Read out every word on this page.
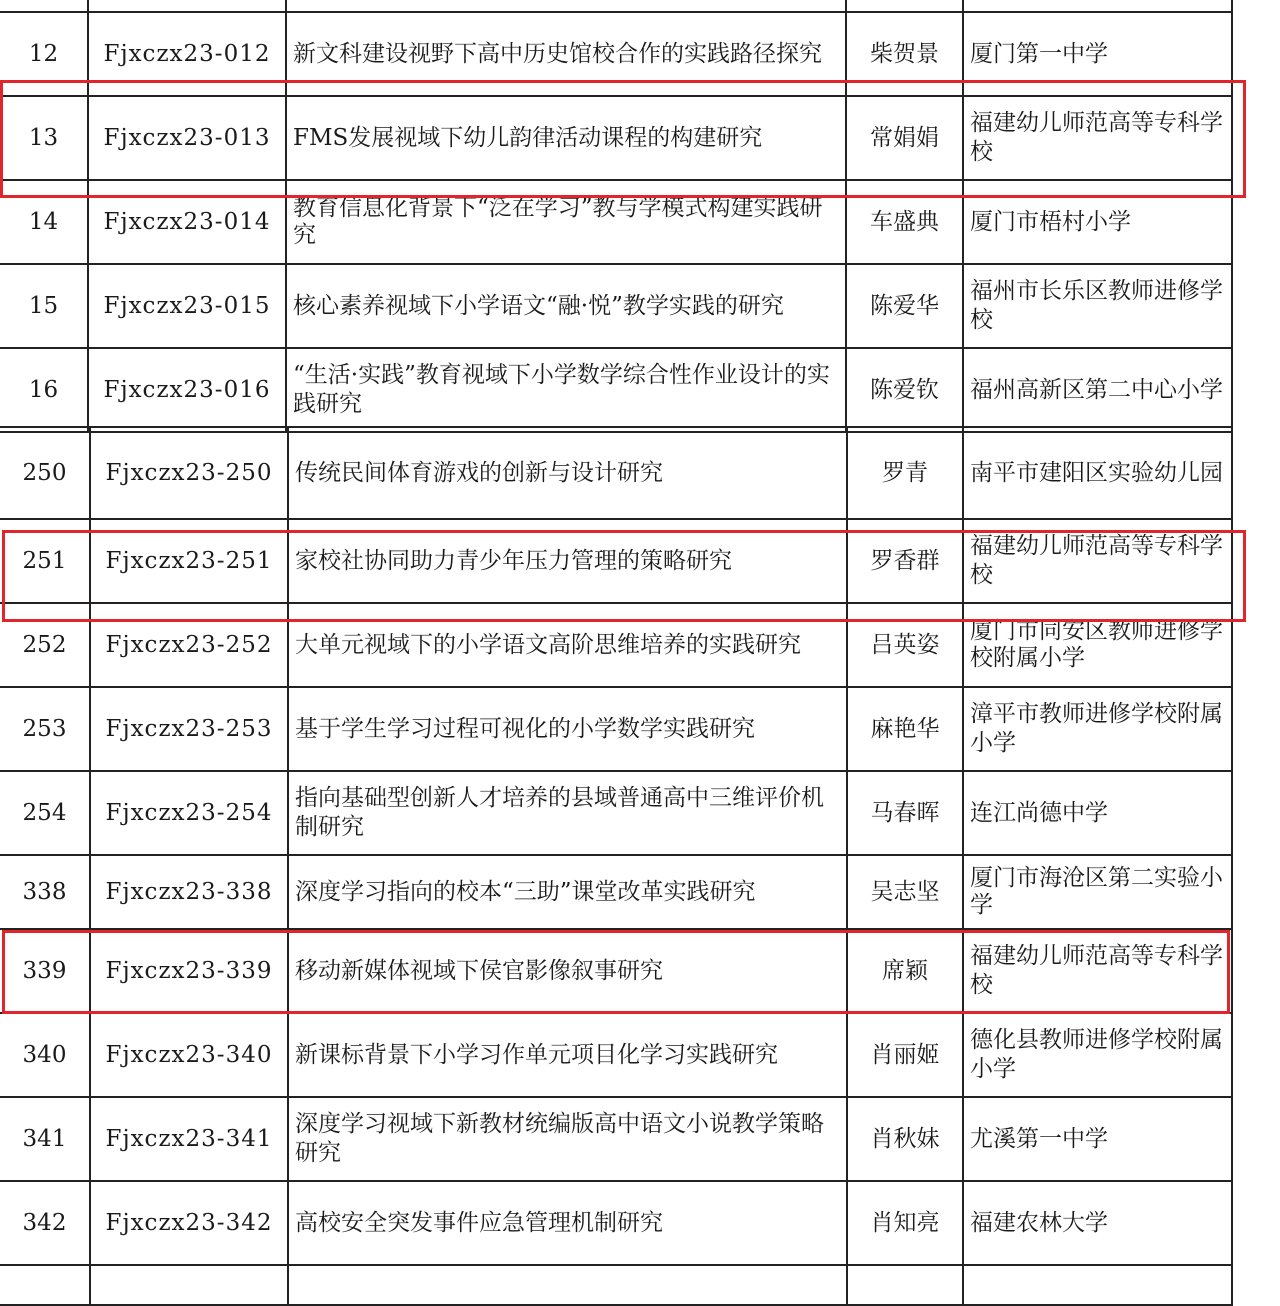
12	Fjxczx23-012	新文科建设视野下高中历史馆校合作的实践路径探究	柴贺景	厦门第一中学
13	Fjxczx23-013	FMS发展视域下幼儿韵律活动课程的构建研究	常娟娟	福建幼儿师范高等专科学校
14	Fjxczx23-014	教育信息化背景下“泛在学习”教与学模式构建实践研究	车盛典	厦门市梧村小学
15	Fjxczx23-015	核心素养视域下小学语文“融·悦”教学实践的研究	陈爱华	福州市长乐区教师进修学校
16	Fjxczx23-016	“生活·实践”教育视域下小学数学综合性作业设计的实践研究	陈爱钦	福州高新区第二中心小学
250	Fjxczx23-250	传统民间体育游戏的创新与设计研究	罗青	南平市建阳区实验幼儿园
251	Fjxczx23-251	家校社协同助力青少年压力管理的策略研究	罗香群	福建幼儿师范高等专科学校
252	Fjxczx23-252	大单元视域下的小学语文高阶思维培养的实践研究	吕英姿	厦门市同安区教师进修学校附属小学
253	Fjxczx23-253	基于学生学习过程可视化的小学数学实践研究	麻艳华	漳平市教师进修学校附属小学
254	Fjxczx23-254	指向基础型创新人才培养的县域普通高中三维评价机制研究	马春晖	连江尚德中学
338	Fjxczx23-338	深度学习指向的校本“三助”课堂改革实践研究	吴志坚	厦门市海沧区第二实验小学
339	Fjxczx23-339	移动新媒体视域下侯官影像叙事研究	席颖	福建幼儿师范高等专科学校
340	Fjxczx23-340	新课标背景下小学习作单元项目化学习实践研究	肖丽姬	德化县教师进修学校附属小学
341	Fjxczx23-341	深度学习视域下新教材统编版高中语文小说教学策略研究	肖秋妹	尤溪第一中学
342	Fjxczx23-342	高校安全突发事件应急管理机制研究	肖知亮	福建农林大学
